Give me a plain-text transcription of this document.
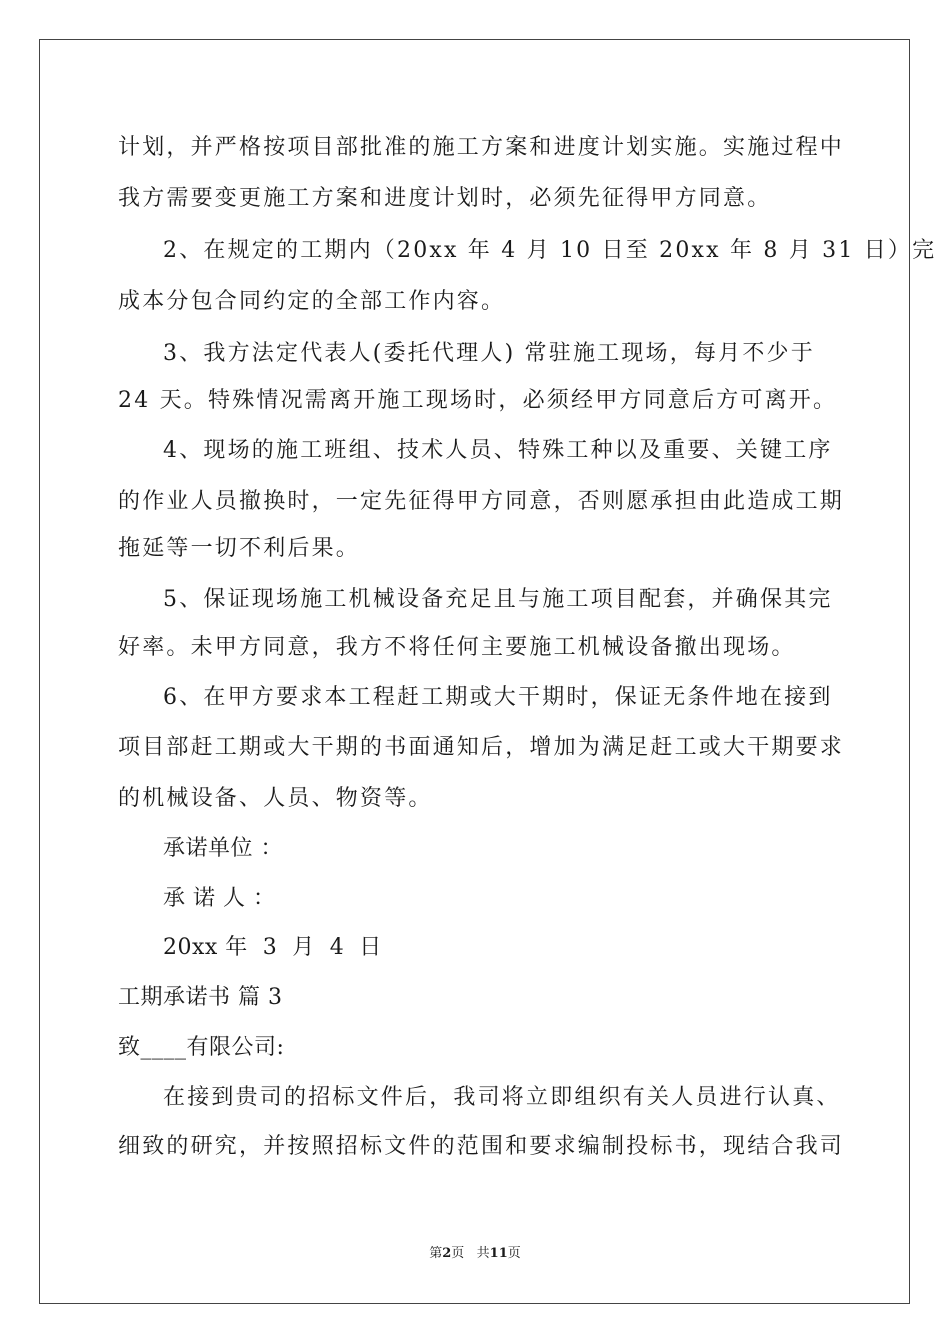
计划，并严格按项目部批准的施工方案和进度计划实施。实施过程中
我方需要变更施工方案和进度计划时，必须先征得甲方同意。
2、在规定的工期内（20xx 年 4 月 10 日至 20xx 年 8 月 31 日）完
成本分包合同约定的全部工作内容。
3、我方法定代表人(委托代理人) 常驻施工现场，每月不少于
24 天。特殊情况需离开施工现场时，必须经甲方同意后方可离开。
4、现场的施工班组、技术人员、特殊工种以及重要、关键工序
的作业人员撤换时，一定先征得甲方同意，否则愿承担由此造成工期
拖延等一切不利后果。
5、保证现场施工机械设备充足且与施工项目配套，并确保其完
好率。未甲方同意，我方不将任何主要施工机械设备撤出现场。
6、在甲方要求本工程赶工期或大干期时，保证无条件地在接到
项目部赶工期或大干期的书面通知后，增加为满足赶工或大干期要求
的机械设备、人员、物资等。
承诺单位 ：
承 诺 人 ：
20xx 年  3  月  4  日
工期承诺书 篇 3
致____有限公司:
在接到贵司的招标文件后，我司将立即组织有关人员进行认真、
细致的研究，并按照招标文件的范围和要求编制投标书，现结合我司
第2页   共11页
